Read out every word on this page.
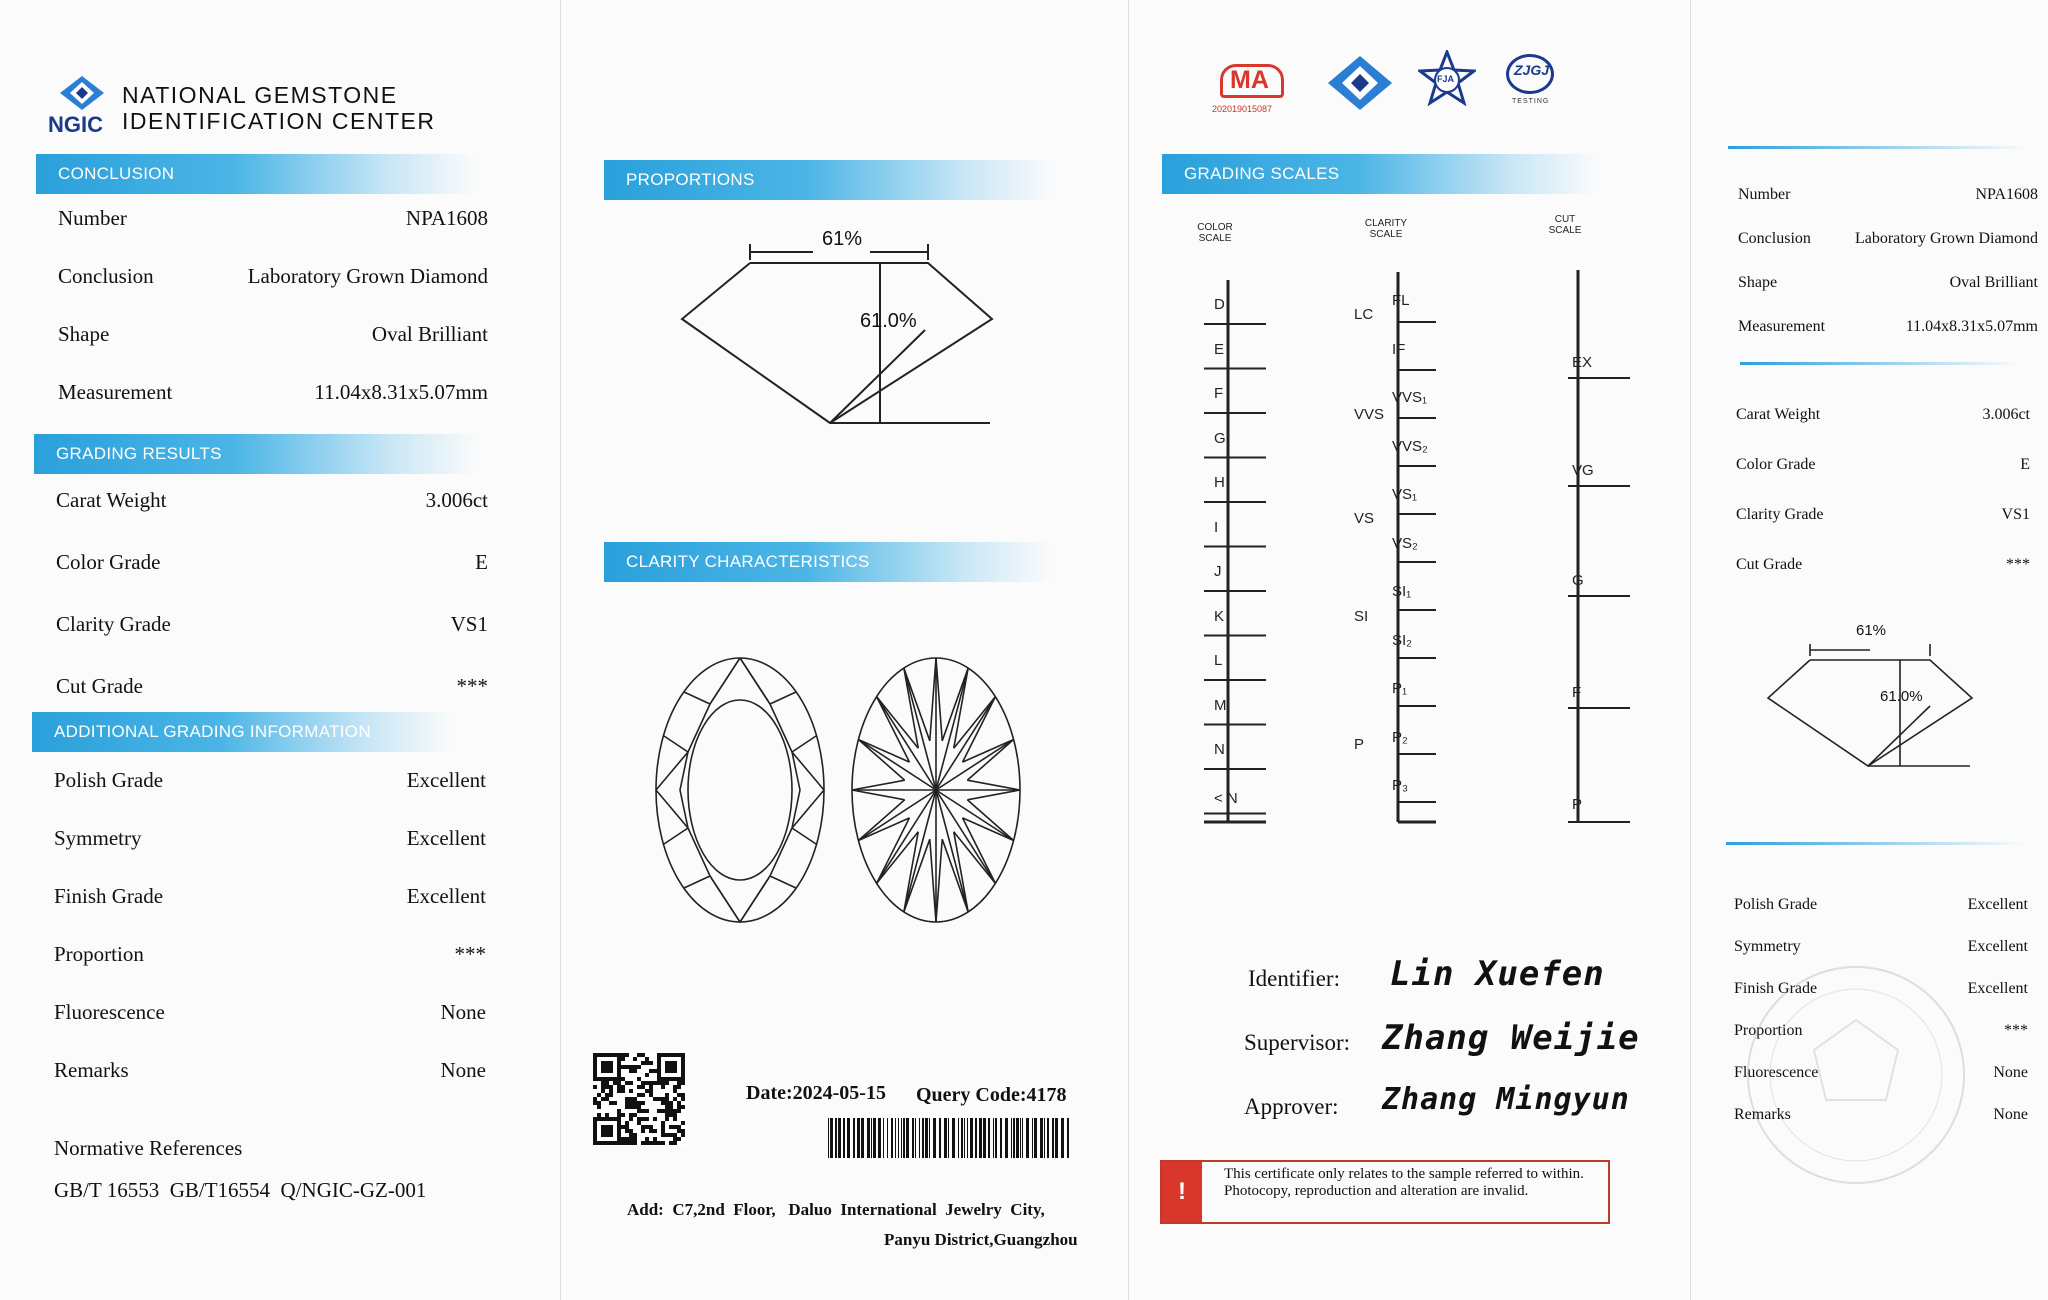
NGIC
NATIONAL GEMSTONE
IDENTIFICATION CENTER
CONCLUSION
Number	NPA1608
Conclusion	Laboratory Grown Diamond
Shape	Oval Brilliant
Measurement	11.04x8.31x5.07mm
GRADING RESULTS
Carat Weight	3.006ct
Color Grade	E
Clarity Grade	VS1
Cut Grade	***
ADDITIONAL GRADING INFORMATION
Polish Grade	Excellent
Symmetry	Excellent
Finish Grade	Excellent
Proportion	***
Fluorescence	None
Remarks	None
Normative References
GB/T 16553  GB/T16554  Q/NGIC-GZ-001
PROPORTIONS
61%
61.0%
CLARITY CHARACTERISTICS
Date:2024-05-15 Query Code:4178
Add:  C7,2nd  Floor,   Daluo  International  Jewelry  City,
Panyu District,Guangzhou
MA
202019015087
FJA
ZJGJ
TESTING
GRADING SCALES
COLOR
SCALE
CLARITY
SCALE
CUT
SCALE
D
E
F
G
H
I
J
K
L
M
N
< N
FL
IF
VVS₁
VVS₂
VS₁
VS₂
SI₁
SI₂
P₁
P₂
P₃
LC
VVS
VS
SI
P
EX
VG
G
F
P
Identifier: Lin Xuefen
Supervisor: Zhang Weijie
Approver: Zhang Mingyun
!
This certificate only relates to the sample referred to within. Photocopy, reproduction and alteration are invalid.
Number	NPA1608
Conclusion	Laboratory Grown Diamond
Shape	Oval Brilliant
Measurement	11.04x8.31x5.07mm
Carat Weight	3.006ct
Color Grade	E
Clarity Grade	VS1
Cut Grade	***
61%
61.0%
Polish Grade	Excellent
Symmetry	Excellent
Finish Grade	Excellent
Proportion	***
Fluorescence	None
Remarks	None
